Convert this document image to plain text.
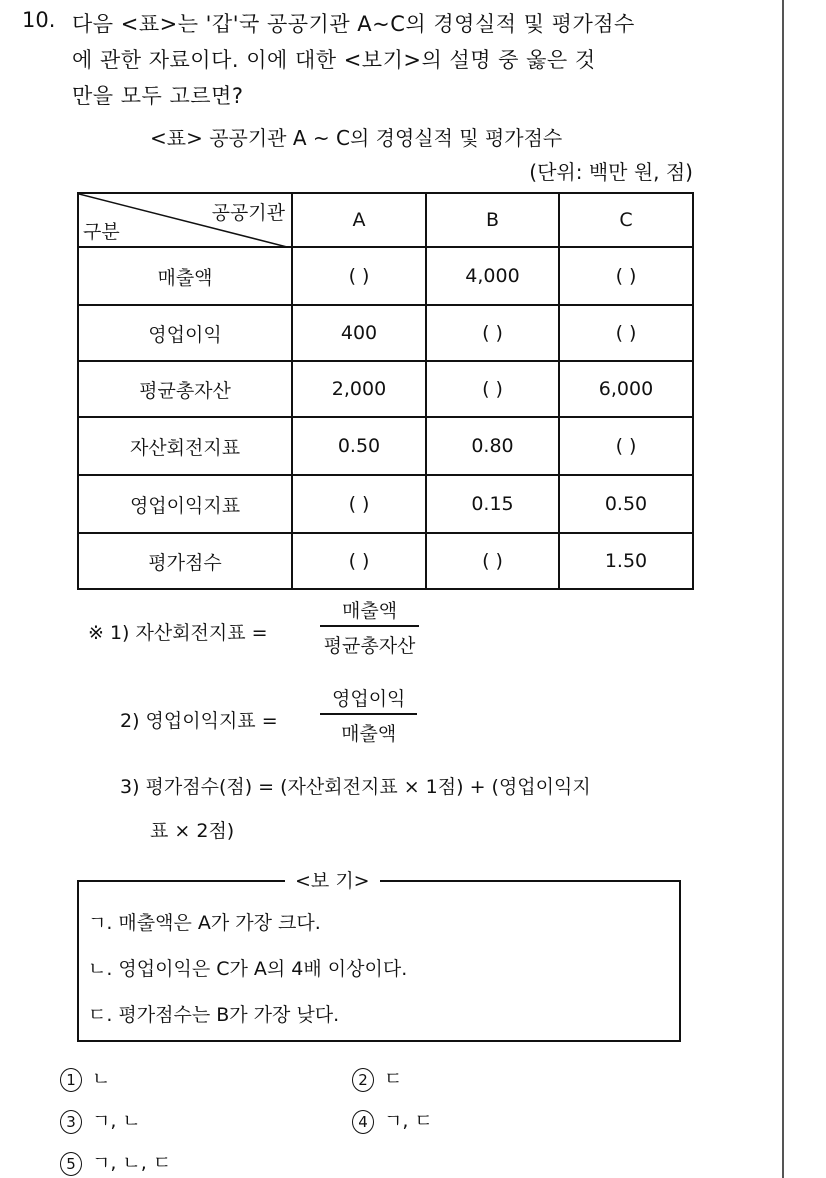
10. 다음 <표>는 '갑'국 공공기관 A~C의 경영실적 및 평가점수
에 관한 자료이다. 이에 대한 <보기>의 설명 중 옳은 것
만을 모두 고르면?
<표> 공공기관 A ~ C의 경영실적 및 평가점수
(단위: 백만 원, 점)
공공기관
구분	A	B	C
매출액	( )	4,000	( )
영업이익	400	( )	( )
평균총자산	2,000	( )	6,000
자산회전지표	0.50	0.80	( )
영업이익지표	( )	0.15	0.50
평가점수	( )	( )	1.50
※ 1) 자산회전지표 =
매출액
평균총자산
2) 영업이익지표 =
영업이익
매출액
3) 평가점수(점) = (자산회전지표 × 1점) + (영업이익지
표 × 2점)
<보 기>
ㄱ. 매출액은 A가 가장 크다.
ㄴ. 영업이익은 C가 A의 4배 이상이다.
ㄷ. 평가점수는 B가 가장 낮다.
1 ㄴ	2 ㄷ
3 ㄱ, ㄴ	4 ㄱ, ㄷ
5 ㄱ, ㄴ, ㄷ
